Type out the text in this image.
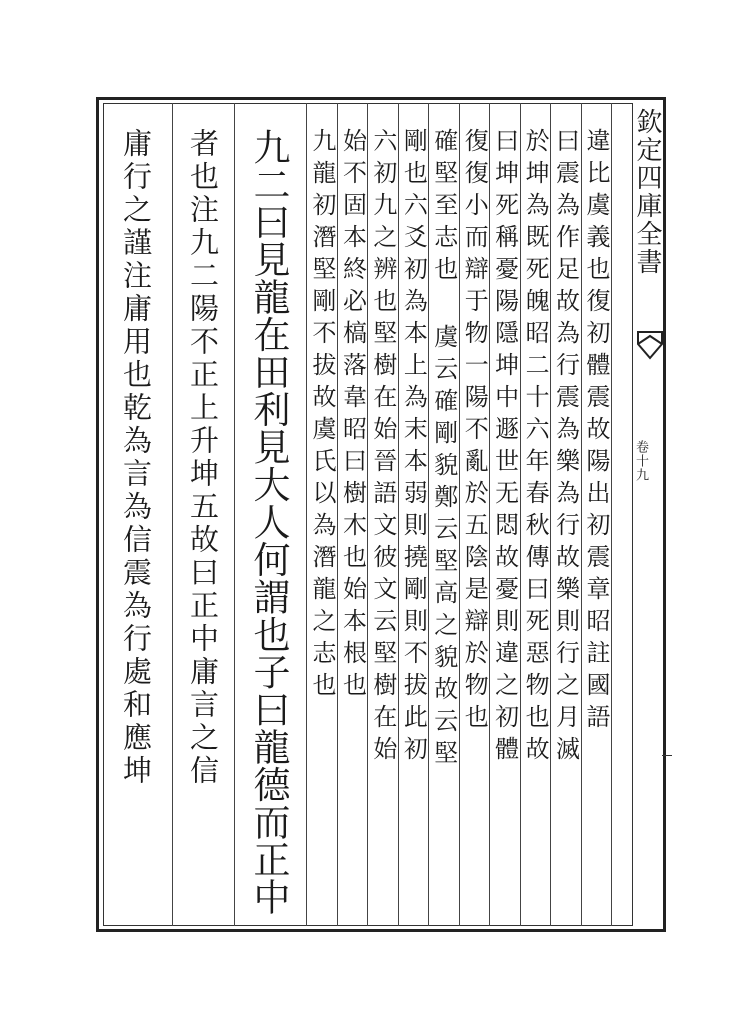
欽定四庫全書
卷十九
九二曰見龍在田利見大人何謂也子曰龍德而正中
者也注九二陽不正上升坤五故曰正中庸言之信
庸行之謹注庸用也乾為言為信震為行處和應坤	違比虞義也復初體震故陽出初震章昭註國語
曰震為作足故為行震為樂為行故樂則行之月滅
於坤為既死魄昭二十六年春秋傳曰死惡物也故
曰坤死稱憂陽隱坤中遯世无悶故憂則違之初體
復復小而辯于物一陽不亂於五陰是辯於物也
確堅至志也 虞云確剛貌鄭云堅高之貌故云堅
剛也六爻初為本上為末本弱則撓剛則不拔此初
六初九之辨也堅樹在始晉語文彼文云堅樹在始
始不固本終必槁落韋昭曰樹木也始本根也
九龍初潛堅剛不拔故虞氏以為潛龍之志也
